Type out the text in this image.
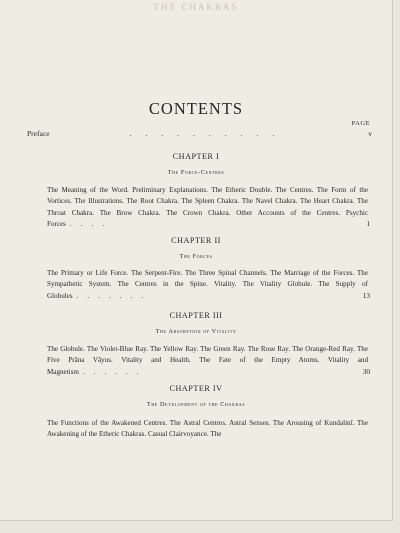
THE CHAKRAS
CONTENTS
PAGE
Preface	..........	v
CHAPTER I
The Force-Centres
The Meaning of the Word. Preliminary Explanations. The Etheric Double. The Centres. The Form of the Vortices. The Illustrations. The Root Chakra. The Spleen Chakra. The Navel Chakra. The Heart Chakra. The Throat Chakra. The Brow Chakra. The Crown Chakra. Other Accounts of the Centres. Psychic Forces ....	1
CHAPTER II
The Forces
The Primary or Life Force. The Serpent-Fire. The Three Spinal Channels. The Marriage of the Forces. The Sympathetic System. The Centres in the Spine. Vitality. The Vitality Globule. The Supply of Globules .......	13
CHAPTER III
The Absorption of Vitality
The Globule. The Violet-Blue Ray. The Yellow Ray. The Green Ray. The Rose Ray. The Orange-Red Ray. The Five Prāna Vāyus. Vitality and Health. The Fate of the Empty Atoms. Vitality and Magnetism ......	30
CHAPTER IV
The Development of the Chakras
The Functions of the Awakened Centres. The Astral Centres. Astral Senses. The Arousing of Kundalinī. The Awakening of the Etheric Chakras. Casual Clairvoyance. The
